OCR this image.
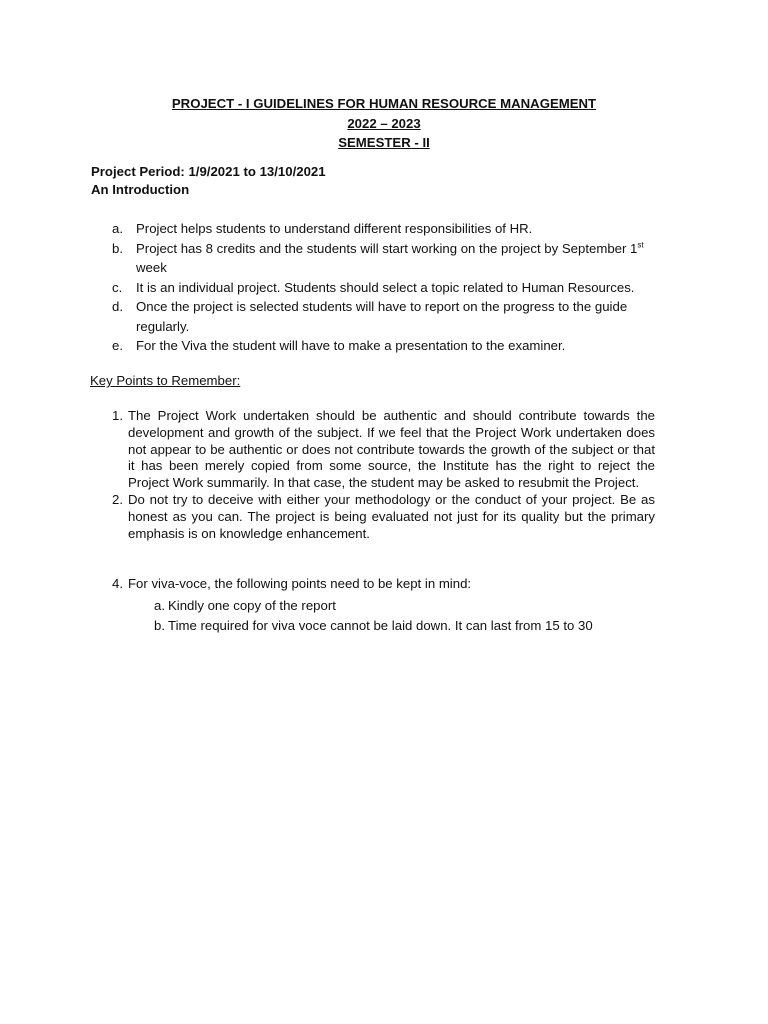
PROJECT - I GUIDELINES FOR HUMAN RESOURCE MANAGEMENT
2022 – 2023
SEMESTER - II
Project Period: 1/9/2021 to 13/10/2021
An Introduction
a. Project helps students to understand different responsibilities of HR.
b. Project has 8 credits and the students will start working on the project by September 1st
week
c.	It is an individual project. Students should select a topic related to Human Resources.
d. Once the project is selected students will have to report on the progress to the guide regularly.
e. For the Viva the student will have to make a presentation to the examiner.
Key Points to Remember:
1. The Project Work undertaken should be authentic and should contribute towards the development and growth of the subject. If we feel that the Project Work undertaken does not appear to be authentic or does not contribute towards the growth of the subject or that it has been merely copied from some source, the Institute has the right to reject the Project Work summarily. In that case, the student may be asked to resubmit the Project.
2. Do not try to deceive with either your methodology or the conduct of your project. Be as honest as you can. The project is being evaluated not just for its quality but the primary emphasis is on knowledge enhancement.
4. For viva-voce, the following points need to be kept in mind:
a. Kindly one copy of the report
b. Time required for viva voce cannot be laid down. It can last from 15 to 30
